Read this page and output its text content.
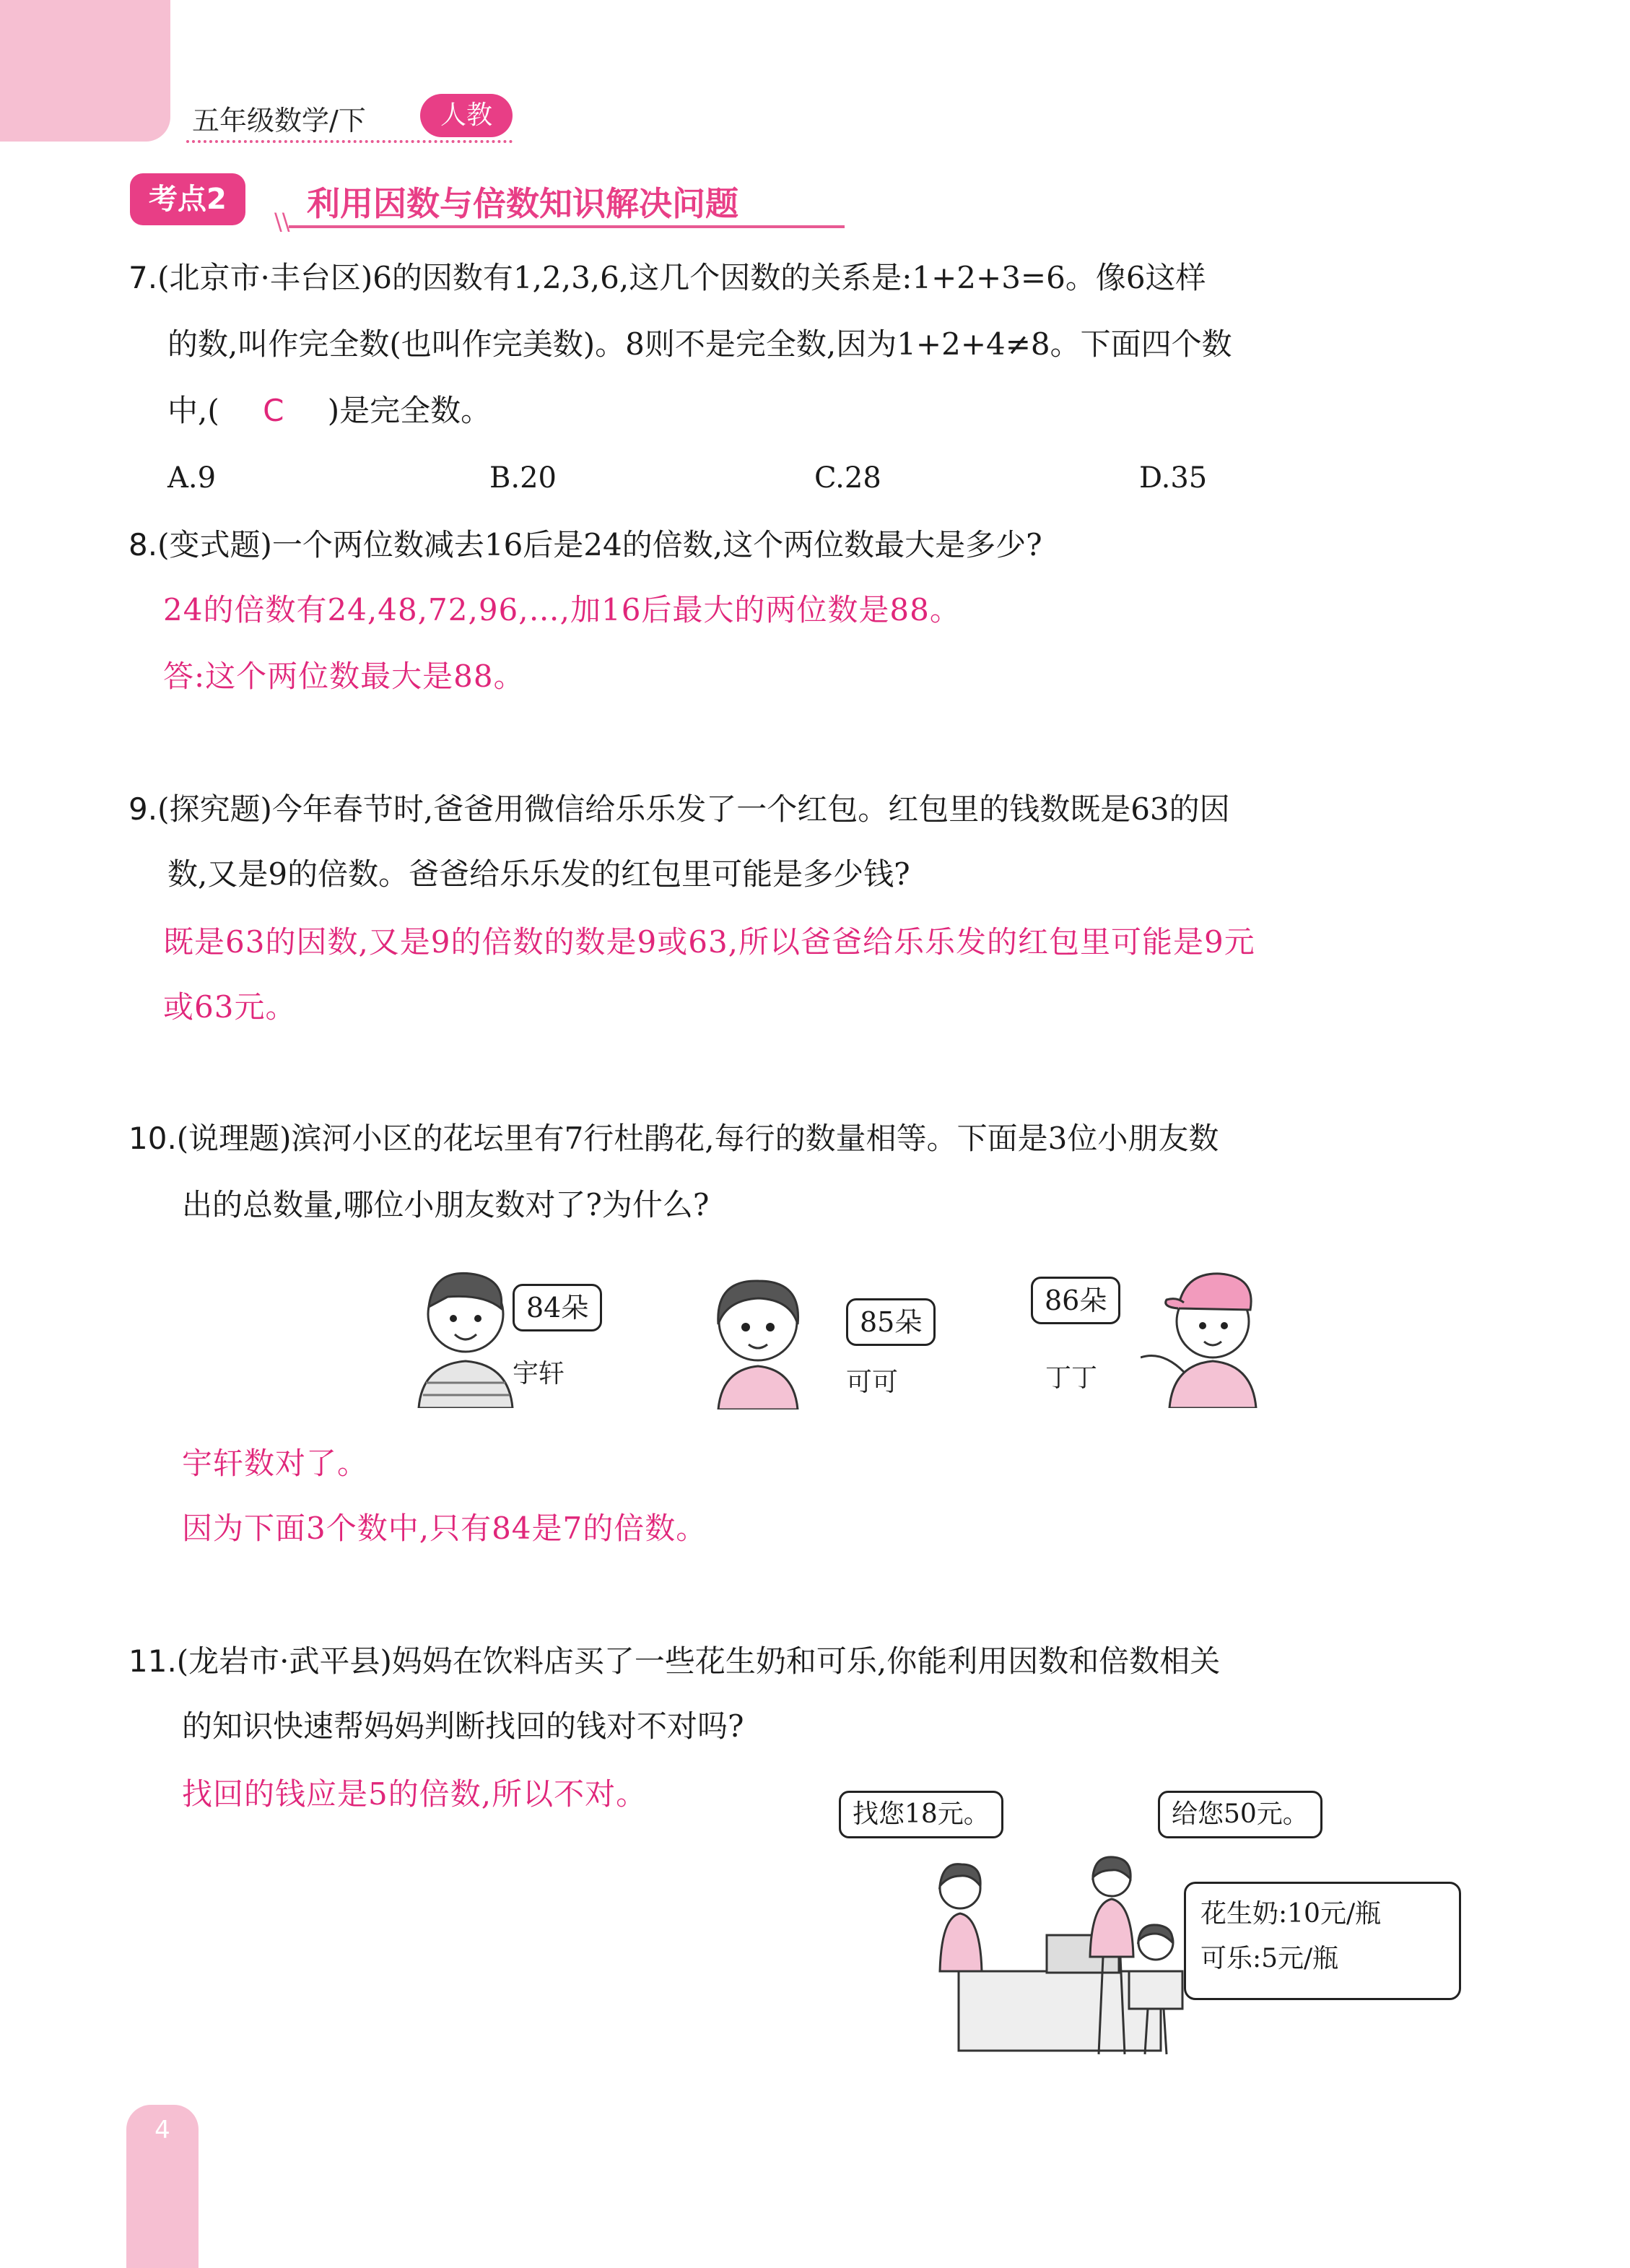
4
五年级数学/下	人教
考点2
\\ 利用因数与倍数知识解决问题
7.(北京市·丰台区)6的因数有1,2,3,6,这几个因数的关系是:1+2+3=6。像6这样
的数,叫作完全数(也叫作完美数)。8则不是完全数,因为1+2+4≠8。下面四个数
中,( C )是完全数。
A.9	B.20	C.28	D.35
8.(变式题)一个两位数减去16后是24的倍数,这个两位数最大是多少?
24的倍数有24,48,72,96,…,加16后最大的两位数是88。
答:这个两位数最大是88。
9.(探究题)今年春节时,爸爸用微信给乐乐发了一个红包。红包里的钱数既是63的因
数,又是9的倍数。爸爸给乐乐发的红包里可能是多少钱?
既是63的因数,又是9的倍数的数是9或63,所以爸爸给乐乐发的红包里可能是9元
或63元。
10.(说理题)滨河小区的花坛里有7行杜鹃花,每行的数量相等。下面是3位小朋友数
出的总数量,哪位小朋友数对了?为什么?
84朵
宇轩
85朵
可可
86朵
丁丁
宇轩数对了。
因为下面3个数中,只有84是7的倍数。
11.(龙岩市·武平县)妈妈在饮料店买了一些花生奶和可乐,你能利用因数和倍数相关
的知识快速帮妈妈判断找回的钱对不对吗?
找回的钱应是5的倍数,所以不对。
找您18元。	给您50元。
花生奶:10元/瓶
可乐:5元/瓶
